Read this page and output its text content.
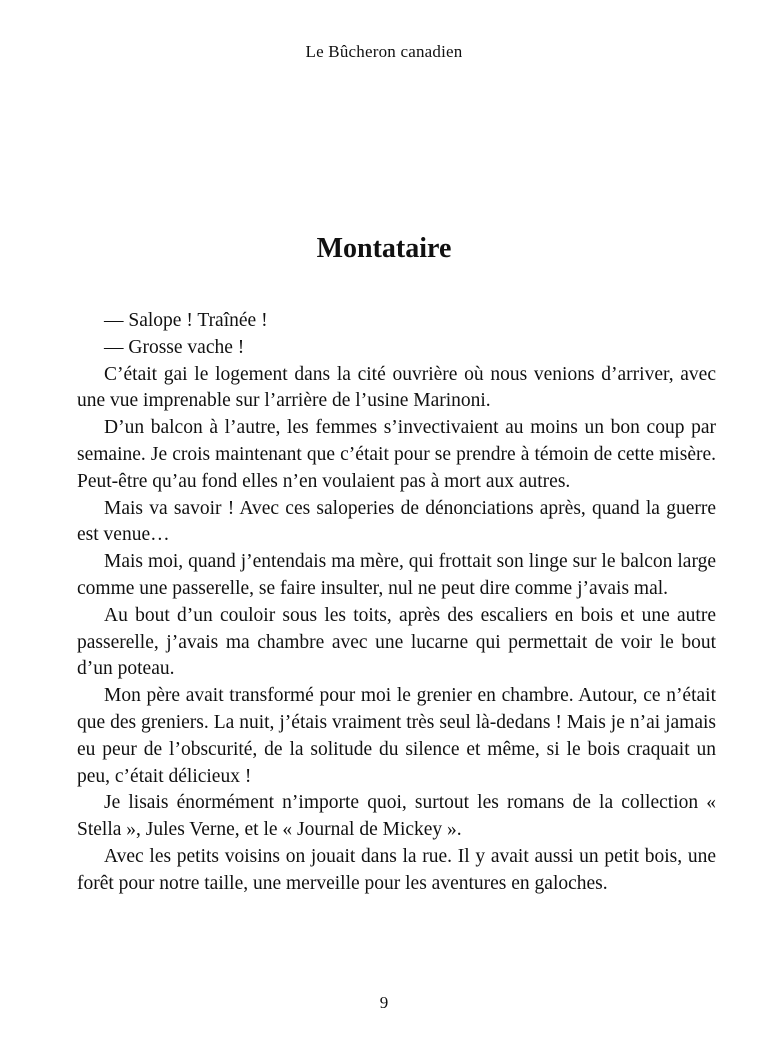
Le Bûcheron canadien
Montataire

— Salope ! Traînée !

— Grosse vache !

C’était gai le logement dans la cité ouvrière où nous venions d’arriver, avec une vue imprenable sur l’arrière de l’usine Marinoni.

D’un balcon à l’autre, les femmes s’invectivaient au moins un bon coup par semaine. Je crois maintenant que c’était pour se prendre à témoin de cette misère. Peut-être qu’au fond elles n’en voulaient pas à mort aux autres.

Mais va savoir ! Avec ces saloperies de dénonciations après, quand la guerre est venue…

Mais moi, quand j’entendais ma mère, qui frottait son linge sur le balcon large comme une passerelle, se faire insulter, nul ne peut dire comme j’avais mal.

Au bout d’un couloir sous les toits, après des escaliers en bois et une autre passerelle, j’avais ma chambre avec une lucarne qui permettait de voir le bout d’un poteau.

Mon père avait transformé pour moi le grenier en chambre. Autour, ce n’était que des greniers. La nuit, j’étais vraiment très seul là-dedans ! Mais je n’ai jamais eu peur de l’obscurité, de la solitude du silence et même, si le bois craquait un peu, c’était délicieux !

Je lisais énormément n’importe quoi, surtout les romans de la collection « Stella », Jules Verne, et le « Journal de Mickey ».

Avec les petits voisins on jouait dans la rue. Il y avait aussi un petit bois, une forêt pour notre taille, une merveille pour les aventures en galoches.

9
